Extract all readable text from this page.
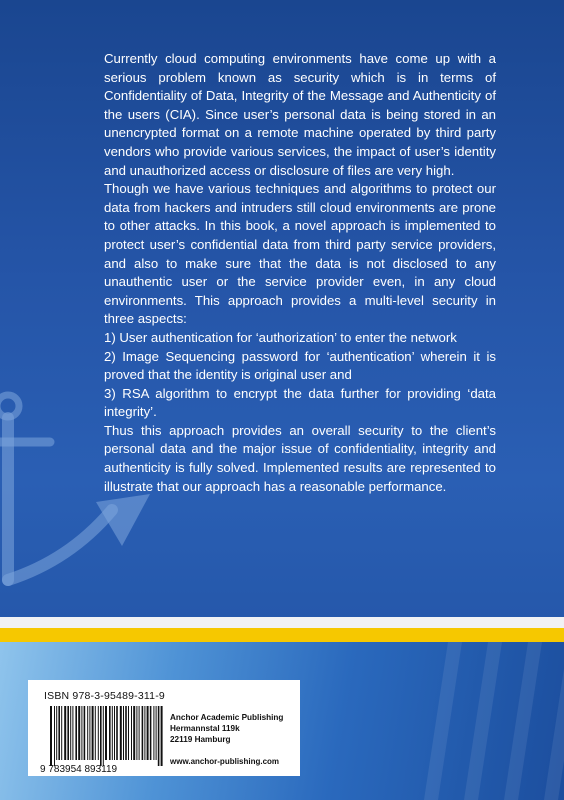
Currently cloud computing environments have come up with a serious problem known as security which is in terms of Confidentiality of Data, Integrity of the Message and Authenticity of the users (CIA). Since user’s personal data is being stored in an unencrypted format on a remote machine operated by third party vendors who provide various services, the impact of user’s identity and unauthorized access or disclosure of files are very high.

Though we have various techniques and algorithms to protect our data from hackers and intruders still cloud environments are prone to other attacks. In this book, a novel approach is implemented to protect user’s confidential data from third party service providers, and also to make sure that the data is not disclosed to any unauthentic user or the service provider even, in any cloud environments. This approach provides a multi-level security in three aspects:

1) User authentication for ‘authorization’ to enter the network

2) Image Sequencing password for ‘authentication’ wherein it is proved that the identity is original user and

3) RSA algorithm to encrypt the data further for providing ‘data integrity’.

Thus this approach provides an overall security to the client’s personal data and the major issue of confidentiality, integrity and authenticity is fully solved. Implemented results are represented to illustrate that our approach has a reasonable performance.

ISBN 978-3-95489-311-9
9 783954 893119
Anchor Academic Publishing
Hermannstal 119k
22119 Hamburg
www.anchor-publishing.com
